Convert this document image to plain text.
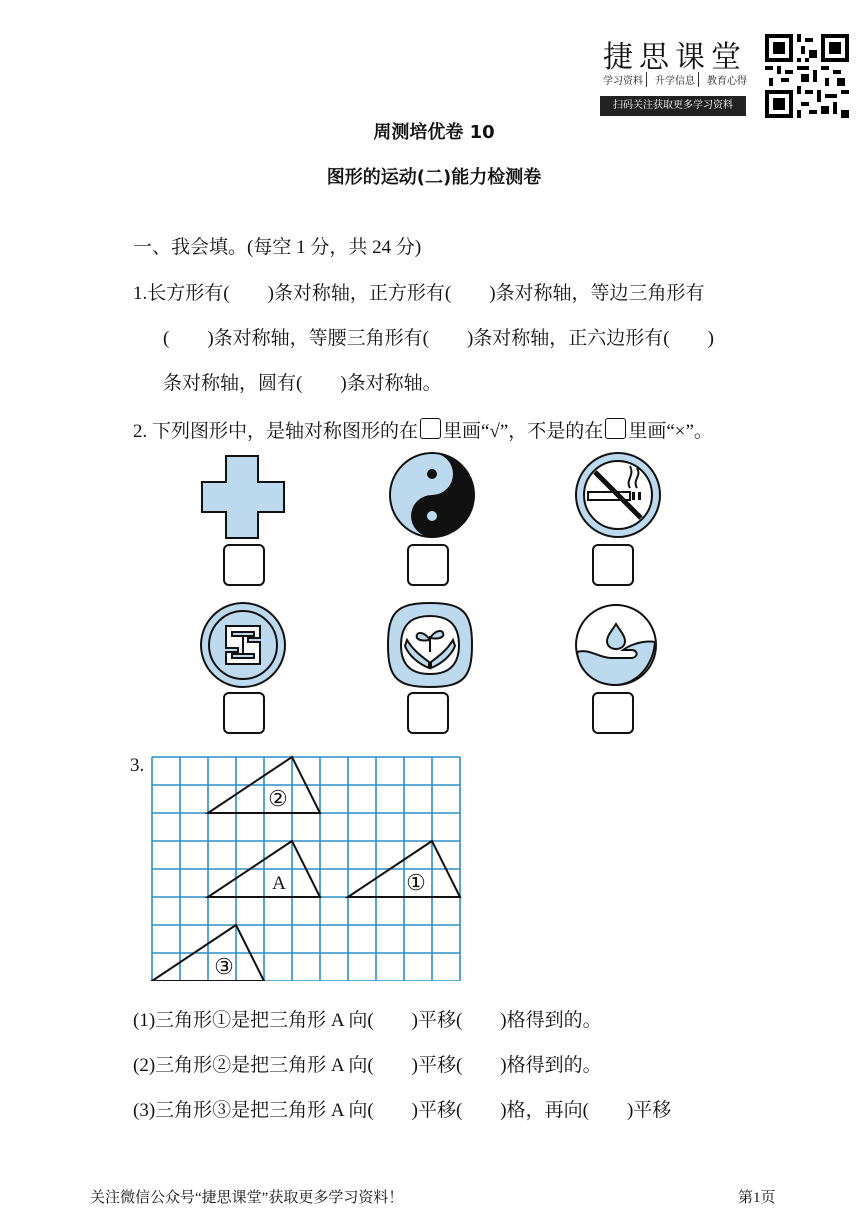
捷思课堂
学习资料	升学信息	教育心得
扫码关注获取更多学习资料
周测培优卷 10
图形的运动(二)能力检测卷
一、我会填。(每空 1 分，共 24 分)
1.长方形有(        )条对称轴，正方形有(        )条对称轴，等边三角形有
(        )条对称轴，等腰三角形有(        )条对称轴，正六边形有(        )
条对称轴，圆有(        )条对称轴。
2. 下列图形中，是轴对称图形的在 里画“√”，不是的在 里画“×”。
3.
②
A	①
③
(1)三角形①是把三角形 A 向(        )平移(        )格得到的。
(2)三角形②是把三角形 A 向(        )平移(        )格得到的。
(3)三角形③是把三角形 A 向(        )平移(        )格，再向(        )平移
关注微信公众号“捷思课堂”获取更多学习资料！	第1页
